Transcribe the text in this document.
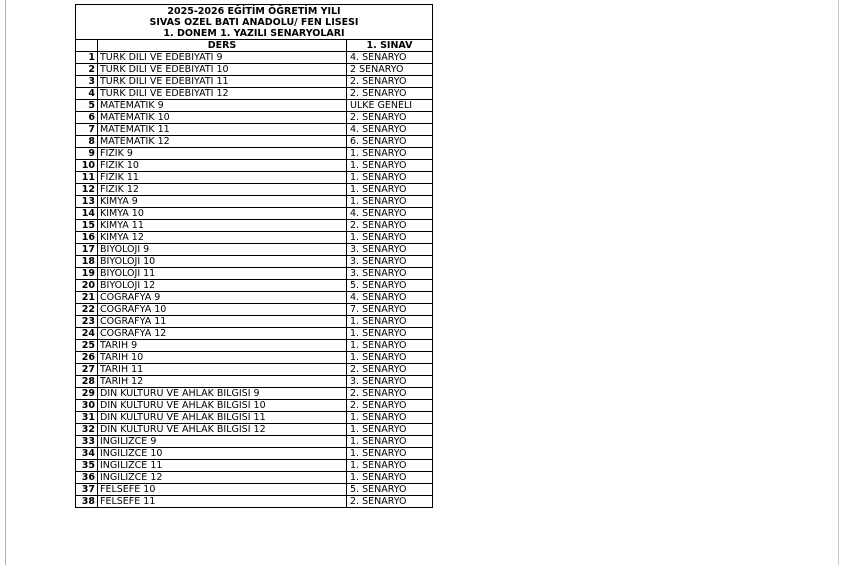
2025-2026 EĞİTİM ÖĞRETİM YILI		
SİVAS ÖZEL BATI ANADOLU/ FEN LİSESİ		
1. DÖNEM 1. YAZILI SENARYOLARI		
	DERS	1. SINAV
1	TÜRK DİLİ VE EDEBİYATI 9	4. SENARYO
2	TÜRK DİLİ VE EDEBİYATI 10	2 SENARYO
3	TÜRK DİLİ VE EDEBİYATI 11	2. SENARYO
4	TÜRK DİLİ VE EDEBİYATI 12	2. SENARYO
5	MATEMATİK 9	ÜLKE GENELİ
6	MATEMATİK 10	2. SENARYO
7	MATEMATİK 11	4. SENARYO
8	MATEMATİK 12	6. SENARYO
9	FİZİK 9	1. SENARYO
10	FİZİK 10	1. SENARYO
11	FİZİK 11	1. SENARYO
12	FİZİK 12	1. SENARYO
13	KİMYA 9	1. SENARYO
14	KİMYA 10	4. SENARYO
15	KİMYA 11	2. SENARYO
16	KİMYA 12	1. SENARYO
17	BİYOLOJİ 9	3. SENARYO
18	BİYOLOJİ 10	3. SENARYO
19	BİYOLOJİ 11	3. SENARYO
20	BİYOLOJİ 12	5. SENARYO
21	COĞRAFYA 9	4. SENARYO
22	COĞRAFYA 10	7. SENARYO
23	COĞRAFYA 11	1. SENARYO
24	COĞRAFYA 12	1. SENARYO
25	TARİH 9	1. SENARYO
26	TARİH 10	1. SENARYO
27	TARİH 11	2. SENARYO
28	TARİH 12	3. SENARYO
29	DİN KÜLTÜRÜ VE AHLAK BİLGİSİ 9	2. SENARYO
30	DİN KÜLTÜRÜ VE AHLAK BİLGİSİ 10	2. SENARYO
31	DİN KÜLTÜRÜ VE AHLAK BİLGİSİ 11	1. SENARYO
32	DİN KÜLTÜRÜ VE AHLAK BİLGİSİ 12	1. SENARYO
33	İNGİLİZCE 9	1. SENARYO
34	İNGİLİZCE 10	1. SENARYO
35	İNGİLİZCE 11	1. SENARYO
36	İNGİLİZCE 12	1. SENARYO
37	FELSEFE 10	5. SENARYO
38	FELSEFE 11	2. SENARYO
